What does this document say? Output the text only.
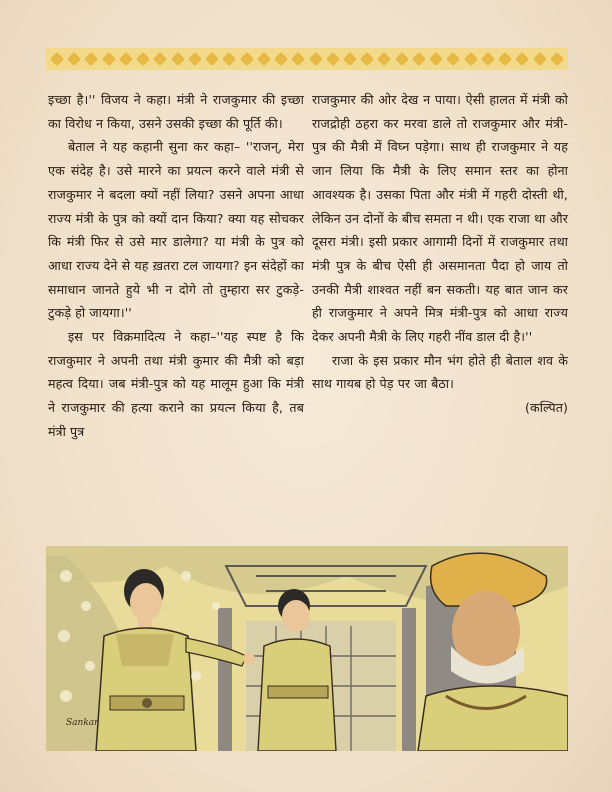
इच्छा है।'' विजय ने कहा। मंत्री ने राजकुमार की इच्छा का विरोध न किया, उसने उसकी इच्छा की पूर्ति की।

बेताल ने यह कहानी सुना कर कहा– ''राजन्, मेरा एक संदेह है। उसे मारने का प्रयत्न करने वाले मंत्री से राजकुमार ने बदला क्यों नहीं लिया? उसने अपना आधा राज्य मंत्री के पुत्र को क्यों दान किया? क्या यह सोचकर कि मंत्री फिर से उसे मार डालेगा? या मंत्री के पुत्र को आधा राज्य देने से यह ख़तरा टल जायगा? इन संदेहों का समाधान जानते हुये भी न दोगे तो तुम्हारा सर टुकड़े-टुकड़े हो जायगा।''

इस पर विक्रमादित्य ने कहा–''यह स्पष्ट है कि राजकुमार ने अपनी तथा मंत्री कुमार की मैत्री को बड़ा महत्व दिया। जब मंत्री-पुत्र को यह मालूम हुआ कि मंत्री ने राजकुमार की हत्या कराने का प्रयत्न किया है, तब मंत्री पुत्र

राजकुमार की ओर देख न पाया। ऐसी हालत में मंत्री को राजद्रोही ठहरा कर मरवा डाले तो राजकुमार और मंत्री-पुत्र की मैत्री में विघ्न पड़ेगा। साथ ही राजकुमार ने यह जान लिया कि मैत्री के लिए समान स्तर का होना आवश्यक है। उसका पिता और मंत्री में गहरी दोस्ती थी, लेकिन उन दोनों के बीच समता न थी। एक राजा था और दूसरा मंत्री। इसी प्रकार आगामी दिनों में राजकुमार तथा मंत्री पुत्र के बीच ऐसी ही असमानता पैदा हो जाय तो उनकी मैत्री शाश्वत नहीं बन सकती। यह बात जान कर ही राजकुमार ने अपने मित्र मंत्री-पुत्र को आधा राज्य देकर अपनी मैत्री के लिए गहरी नींव डाल दी है।''

राजा के इस प्रकार मौन भंग होते ही बेताल शव के साथ गायब हो पेड़ पर जा बैठा।

(कल्पित)
Sankar
